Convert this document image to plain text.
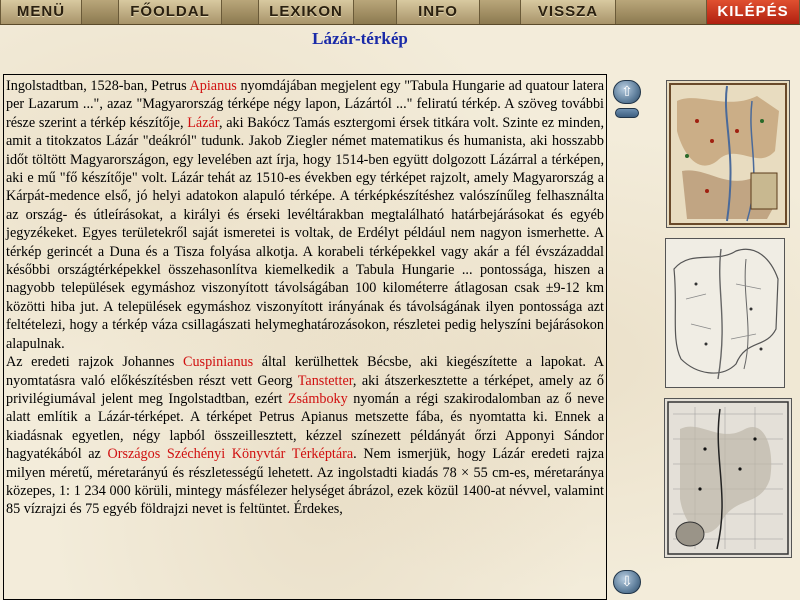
MENÜ	FŐOLDAL	LEXIKON	INFO	VISSZA	KILÉPÉS
Lázár-térkép

Ingolstadtban, 1528-ban, Petrus Apianus nyomdájában megjelent egy "Tabula Hungarie ad quatour latera per Lazarum ...", azaz "Magyarország térképe négy lapon, Lázártól ..." feliratú térkép. A szöveg további része szerint a térkép készítője, Lázár, aki Bakócz Tamás esztergomi érsek titkára volt. Szinte ez minden, amit a titokzatos Lázár "deákról" tudunk. Jakob Ziegler német matematikus és humanista, aki hosszabb időt töltött Magyarországon, egy levelében azt írja, hogy 1514-ben együtt dolgozott Lázárral a térképen, aki e mű "fő készítője" volt. Lázár tehát az 1510-es években egy térképet rajzolt, amely Magyarország a Kárpát-medence első, jó helyi adatokon alapuló térképe. A térképkészítéshez valószínűleg felhasználta az ország- és útleírásokat, a királyi és érseki levéltárakban megtalálható határbejárásokat és egyéb jegyzékeket. Egyes területekről saját ismeretei is voltak, de Erdélyt például nem nagyon ismerhette. A térkép gerincét a Duna és a Tisza folyása alkotja. A korabeli térképekkel vagy akár a fél évszázaddal későbbi országtérképekkel összehasonlítva kiemelkedik a Tabula Hungarie ... pontossága, hiszen a nagyobb települések egymáshoz viszonyított távolságában 100 kilométerre átlagosan csak ±9-12 km közötti hiba jut. A települések egymáshoz viszonyított irányának és távolságának ilyen pontossága azt feltételezi, hogy a térkép váza csillagászati helymeghatározásokon, részletei pedig helyszíni bejárásokon alapulnak.
Az eredeti rajzok Johannes Cuspinianus által kerülhettek Bécsbe, aki kiegészítette a lapokat. A nyomtatásra való előkészítésben részt vett Georg Tanstetter, aki átszerkesztette a térképet, amely az ő privilégiumával jelent meg Ingolstadtban, ezért Zsámboky nyomán a régi szakirodalomban az ő neve alatt említik a Lázár-térképet. A térképet Petrus Apianus metszette fába, és nyomtatta ki. Ennek a kiadásnak egyetlen, négy lapból összeillesztett, kézzel színezett példányát őrzi Apponyi Sándor hagyatékából az Országos Széchényi Könyvtár Térképtára. Nem ismerjük, hogy Lázár eredeti rajza milyen méretű, méretarányú és részletességű lehetett. Az ingolstadti kiadás 78 × 55 cm-es, méretaránya közepes, 1: 1 234 000 körüli, mintegy másfélezer helységet ábrázol, ezek közül 1400-at névvel, valamint 85 vízrajzi és 75 egyéb földrajzi nevet is feltüntet. Érdekes,

⇧
⇩
